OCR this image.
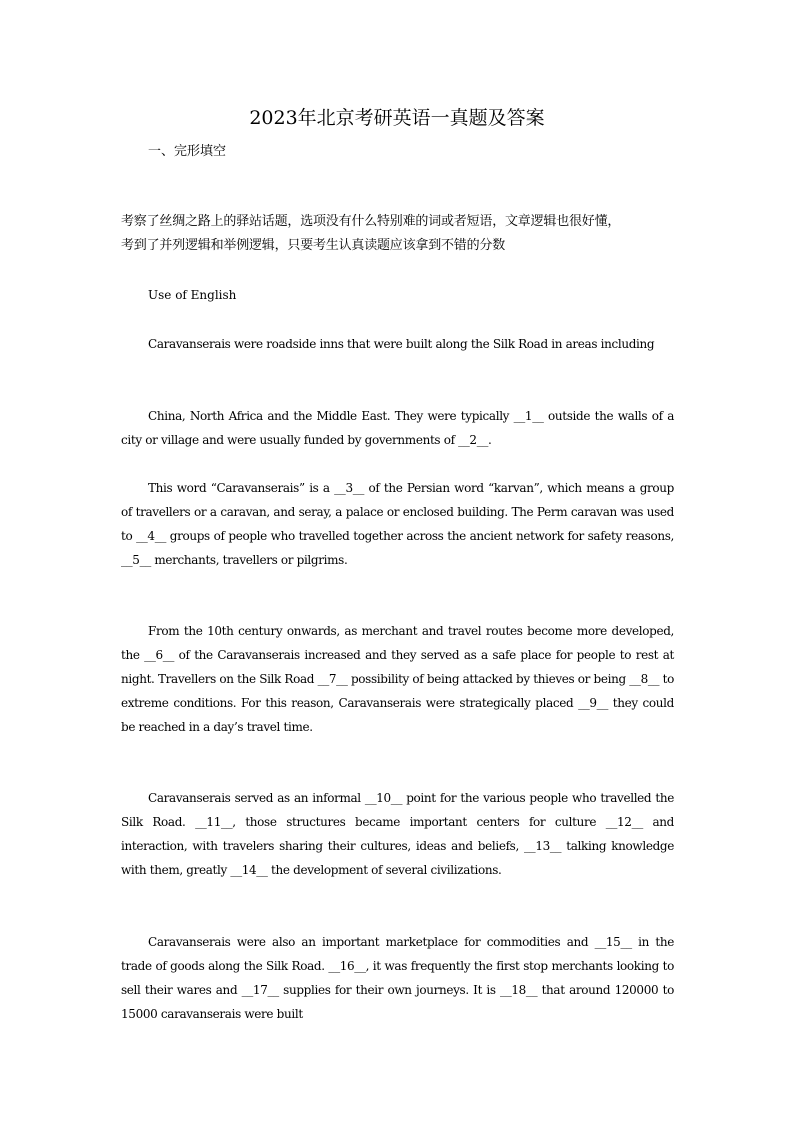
2023年北京考研英语一真题及答案
一、完形填空
考察了丝绸之路上的驿站话题，选项没有什么特别难的词或者短语，文章逻辑也很好懂，
考到了并列逻辑和举例逻辑，只要考生认真读题应该拿到不错的分数
Use of English

Caravanserais were roadside inns that were built along the Silk Road in areas including

China, North Africa and the Middle East. They were typically __1__ outside the walls of a city or village and were usually funded by governments of __2__.

This word “Caravanserais” is a __3__ of the Persian word “karvan”, which means a group of travellers or a caravan, and seray, a palace or enclosed building. The Perm caravan was used to __4__ groups of people who travelled together across the ancient network for safety reasons, __5__ merchants, travellers or pilgrims.

From the 10th century onwards, as merchant and travel routes become more developed, the __6__ of the Caravanserais increased and they served as a safe place for people to rest at night. Travellers on the Silk Road __7__ possibility of being attacked by thieves or being __8__ to extreme conditions. For this reason, Caravanserais were strategically placed __9__ they could be reached in a day’s travel time.

Caravanserais served as an informal __10__ point for the various people who travelled the Silk Road. __11__, those structures became important centers for culture __12__ and interaction, with travelers sharing their cultures, ideas and beliefs, __13__ talking knowledge with them, greatly __14__ the development of several civilizations.

Caravanserais were also an important marketplace for commodities and __15__ in the trade of goods along the Silk Road. __16__, it was frequently the first stop merchants looking to sell their wares and __17__ supplies for their own journeys. It is __18__ that around 120000 to 15000 caravanserais were built
